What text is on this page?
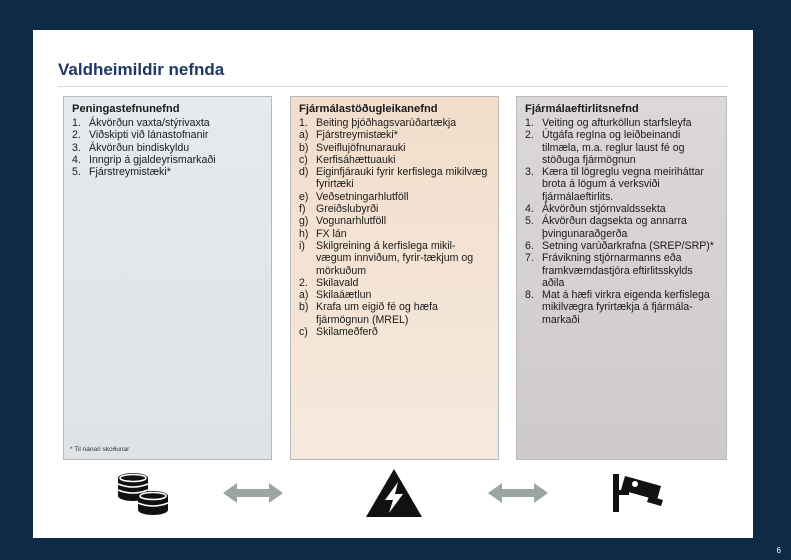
Valdheimildir nefnda
Peningastefnunefnd
1. Ákvörðun vaxta/stýrivaxta
2. Viðskipti við lánastofnanir
3. Ákvörðun bindiskyldu
4. Inngrip á gjaldeyrismarkaði
5. Fjárstreymistæki*
* Til nánari skoðunar
Fjármálastöðugleikanefnd
1. Beiting þjóðhagsvarúðartækja
a) Fjárstreymistæki*
b) Sveiflujöfnunarauki
c) Kerfisáhættuauki
d) Eiginfjárauki fyrir kerfislega mikilvæg fyrirtæki
e) Veðsetningarhlutföll
f) Greiðslubyrði
g) Vogunarhlutföll
h) FX lán
i)	Skilgreining á kerfislega mikil-vægum innviðum, fyrir-tækjum og mörkuðum
2. Skilavald
a) Skilaáætlun
b) Krafa um eigið fé og hæfa fjármögnun (MREL)
c) Skilameðferð
Fjármálaeftirlitsnefnd
1. Veiting og afturköllun starfsleyfa
2. Útgáfa regIna og leiðbeinandi tilmæla, m.a. reglur laust fé og stöðuga fjármögnun
3. Kæra til lögreglu vegna meiriháttar brota á lögum á verksviði fjármálaeftirlits.
4. Ákvörðun stjórnvaldssekta
5. Ákvörðun dagsekta og annarra þvingunaraðgerða
6. Setning varúðarkrafna (SREP/SRP)*
7. Frávikning stjórnarmanns eða framkvæmdastjóra eftirlitsskylds aðila
8. Mat á hæfi virkra eigenda kerfislega mikilvægra fyrirtækja á fjármála-markaði
6
